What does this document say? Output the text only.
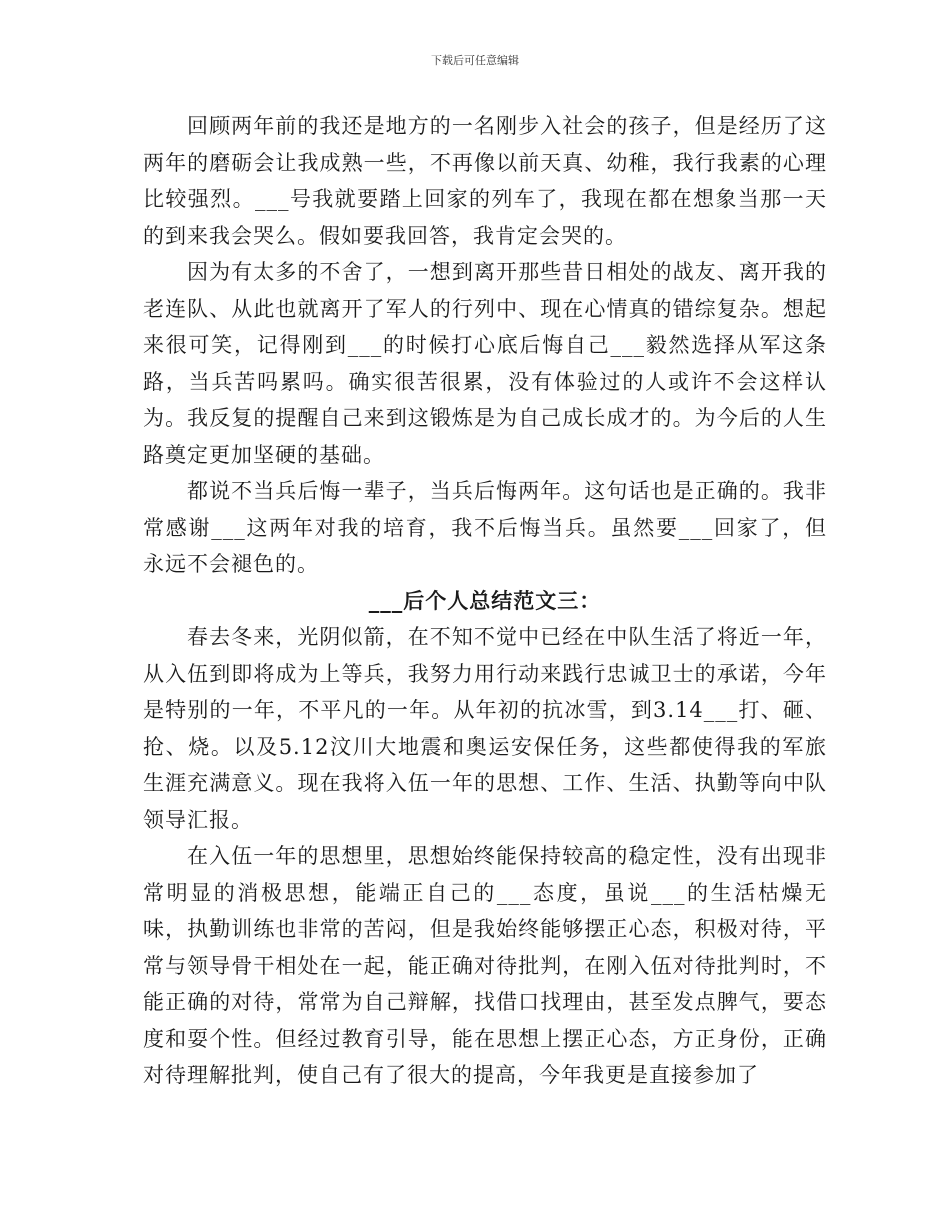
下载后可任意编辑

回顾两年前的我还是地方的一名刚步入社会的孩子，但是经历了这两年的磨砺会让我成熟一些，不再像以前天真、幼稚，我行我素的心理比较强烈。___号我就要踏上回家的列车了，我现在都在想象当那一天的到来我会哭么。假如要我回答，我肯定会哭的。

因为有太多的不舍了，一想到离开那些昔日相处的战友、离开我的老连队、从此也就离开了军人的行列中、现在心情真的错综复杂。想起来很可笑，记得刚到___的时候打心底后悔自己___毅然选择从军这条路，当兵苦吗累吗。确实很苦很累，没有体验过的人或许不会这样认为。我反复的提醒自己来到这锻炼是为自己成长成才的。为今后的人生路奠定更加坚硬的基础。

都说不当兵后悔一辈子，当兵后悔两年。这句话也是正确的。我非常感谢___这两年对我的培育，我不后悔当兵。虽然要___回家了，但永远不会褪色的。

___后个人总结范文三：

春去冬来，光阴似箭，在不知不觉中已经在中队生活了将近一年，从入伍到即将成为上等兵，我努力用行动来践行忠诚卫士的承诺，今年是特别的一年，不平凡的一年。从年初的抗冰雪，到3.14___打、砸、抢、烧。以及5.12汶川大地震和奥运安保任务，这些都使得我的军旅生涯充满意义。现在我将入伍一年的思想、工作、生活、执勤等向中队领导汇报。

在入伍一年的思想里，思想始终能保持较高的稳定性，没有出现非常明显的消极思想，能端正自己的___态度，虽说___的生活枯燥无味，执勤训练也非常的苦闷，但是我始终能够摆正心态，积极对待，平常与领导骨干相处在一起，能正确对待批判，在刚入伍对待批判时，不能正确的对待，常常为自己辩解，找借口找理由，甚至发点脾气，要态度和耍个性。但经过教育引导，能在思想上摆正心态，方正身份，正确对待理解批判，使自己有了很大的提高，今年我更是直接参加了
